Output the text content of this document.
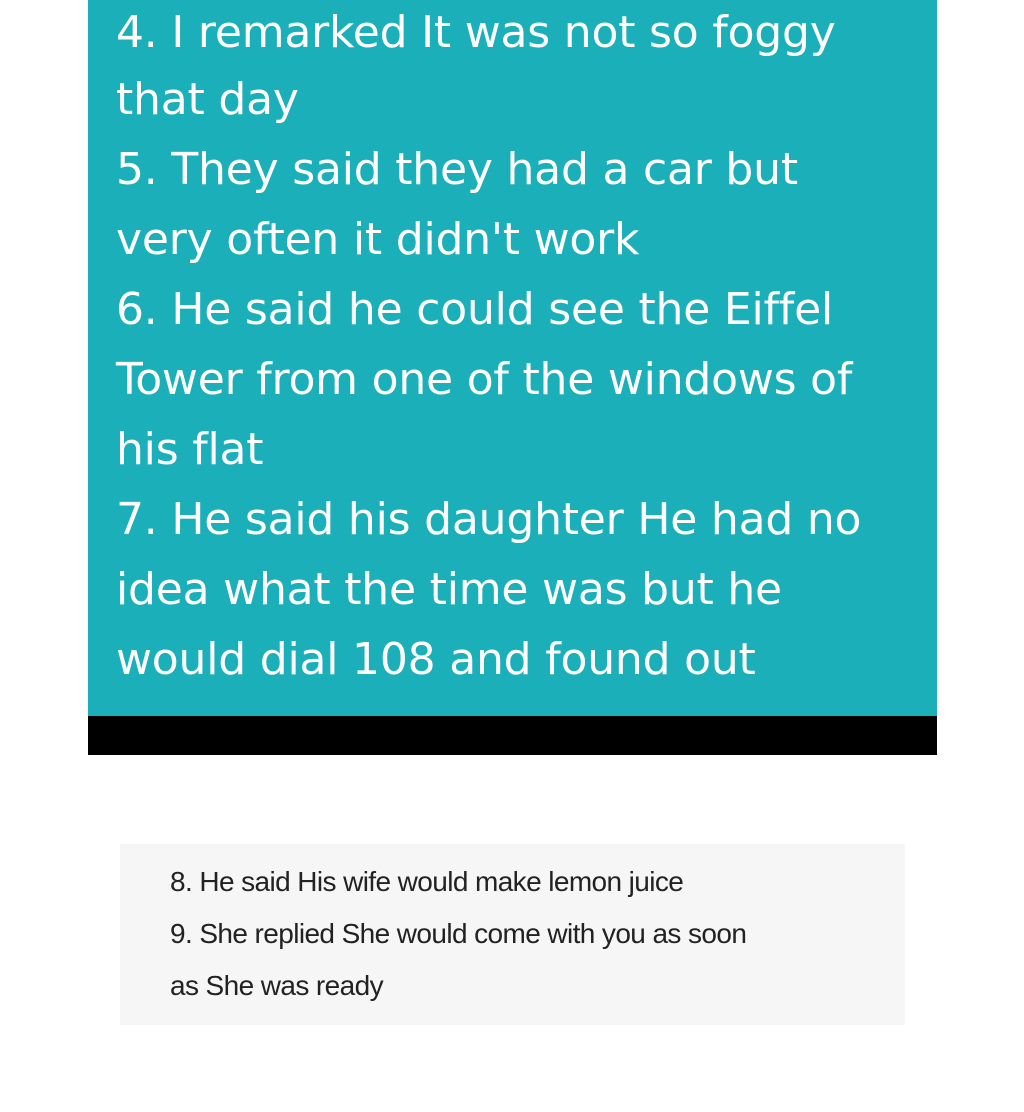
4. I remarked It was not so foggy
that day
5. They said they had a car but
very often it didn't work
6. He said he could see the Eiffel
Tower from one of the windows of
his flat
7. He said his daughter He had no
idea what the time was but he
would dial 108 and found out
8. He said His wife would make lemon juice
9. She replied She would come with you as soon
as She was ready
